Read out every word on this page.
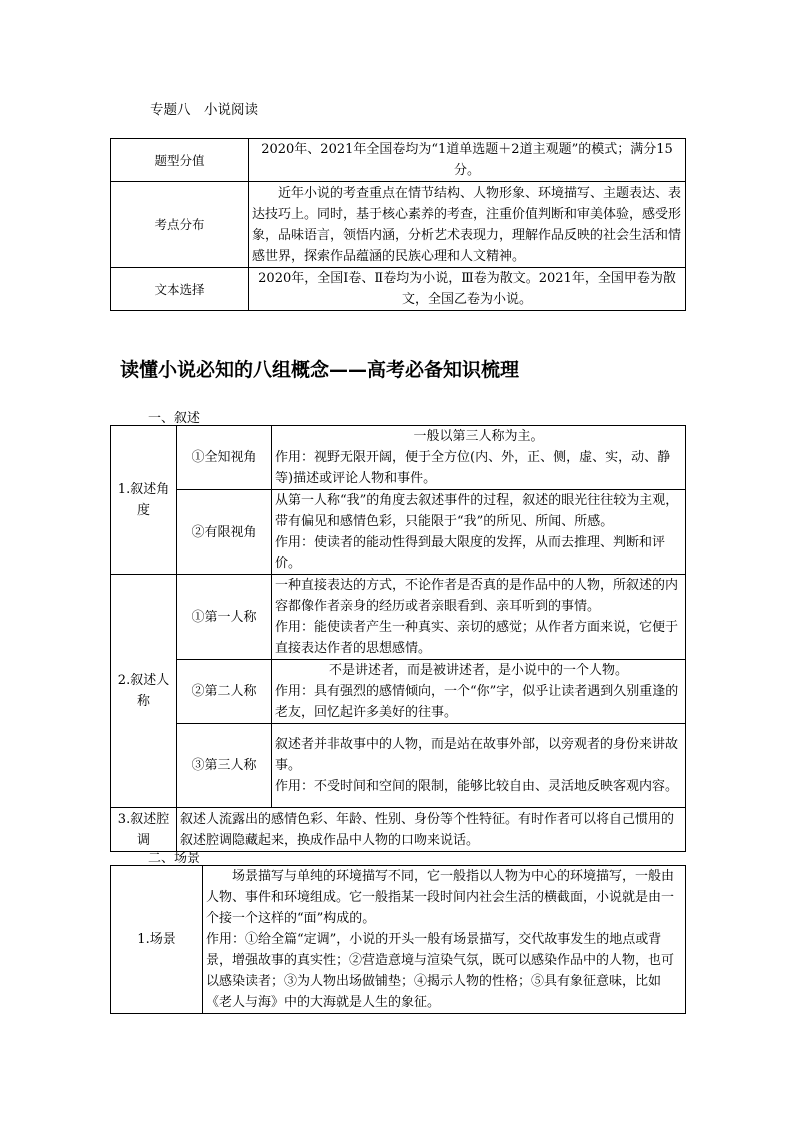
专题八　小说阅读
题型分值	2020年、2021年全国卷均为“1道单选题＋2道主观题”的模式；满分15分。
考点分布	近年小说的考查重点在情节结构、人物形象、环境描写、主题表达、表达技巧上。同时，基于核心素养的考查，注重价值判断和审美体验，感受形象，品味语言，领悟内涵，分析艺术表现力，理解作品反映的社会生活和情感世界，探索作品蕴涵的民族心理和人文精神。
文本选择	2020年，全国Ⅰ卷、Ⅱ卷均为小说，Ⅲ卷为散文。2021年，全国甲卷为散文，全国乙卷为小说。
读懂小说必知的八组概念——高考必备知识梳理
一、叙述
1.叙述角度	①全知视角	一般以第三人称为主。
作用：视野无限开阔，便于全方位(内、外，正、侧，虚、实，动、静等)描述或评论人物和事件。

	②有限视角	从第一人称“我”的角度去叙述事件的过程，叙述的眼光往往较为主观，带有偏见和感情色彩，只能限于“我”的所见、所闻、所感。
作用：使读者的能动性得到最大限度的发挥，从而去推理、判断和评价。

2.叙述人称	①第一人称	一种直接表达的方式，不论作者是否真的是作品中的人物，所叙述的内容都像作者亲身的经历或者亲眼看到、亲耳听到的事情。
作用：能使读者产生一种真实、亲切的感觉；从作者方面来说，它便于直接表达作者的思想感情。

	②第二人称	不是讲述者，而是被讲述者，是小说中的一个人物。
作用：具有强烈的感情倾向，一个“你”字，似乎让读者遇到久别重逢的老友，回忆起许多美好的往事。

	③第三人称	叙述者并非故事中的人物，而是站在故事外部，以旁观者的身份来讲故事。
作用：不受时间和空间的限制，能够比较自由、灵活地反映客观内容。

3.叙述腔调	叙述人流露出的感情色彩、年龄、性别、身份等个性特征。有时作者可以将自己惯用的叙述腔调隐藏起来，换成作品中人物的口吻来说话。	
二、场景
1.场景	
场景描写与单纯的环境描写不同，它一般指以人物为中心的环境描写，一般由人物、事件和环境组成。它一般指某一段时间内社会生活的横截面，小说就是由一个接一个这样的“面”构成的。
作用：①给全篇“定调”，小说的开头一般有场景描写，交代故事发生的地点或背景，增强故事的真实性；②营造意境与渲染气氛，既可以感染作品中的人物，也可以感染读者；③为人物出场做铺垫；④揭示人物的性格；⑤具有象征意味，比如《老人与海》中的大海就是人生的象征。
